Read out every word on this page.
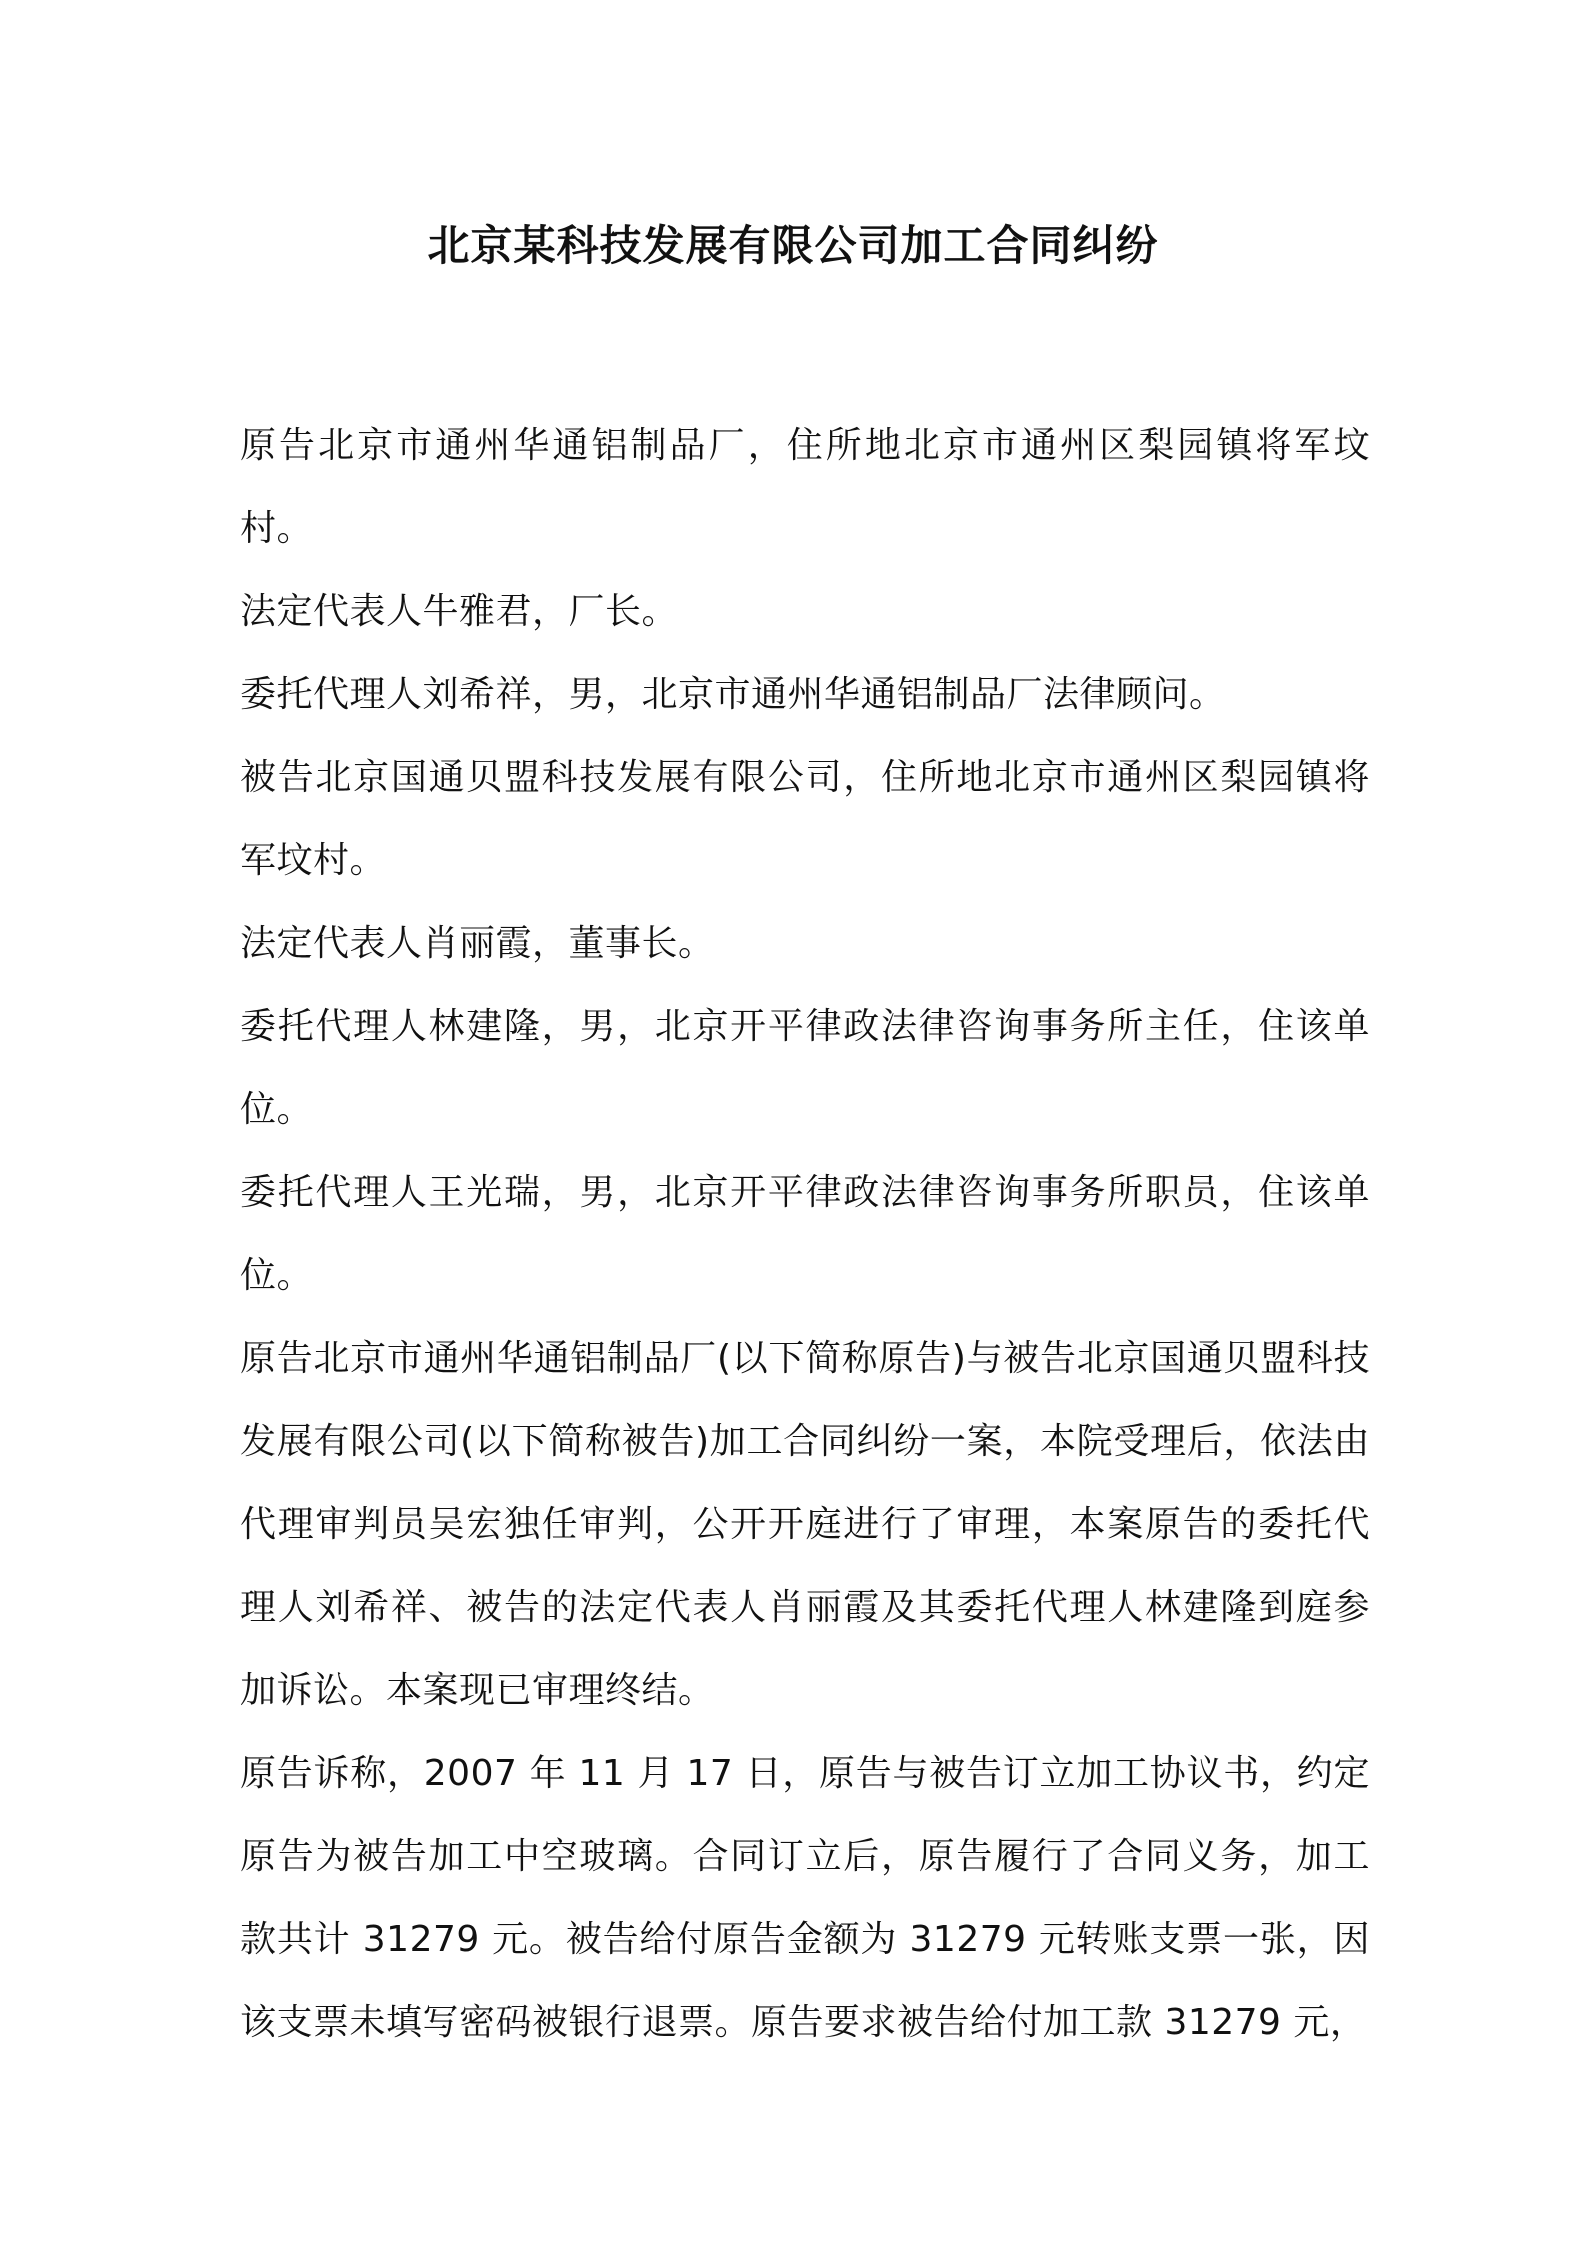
北京某科技发展有限公司加工合同纠纷

原告北京市通州华通铝制品厂，住所地北京市通州区梨园镇将军坟村。

法定代表人牛雅君，厂长。

委托代理人刘希祥，男，北京市通州华通铝制品厂法律顾问。

被告北京国通贝盟科技发展有限公司，住所地北京市通州区梨园镇将军坟村。

法定代表人肖丽霞，董事长。

委托代理人林建隆，男，北京开平律政法律咨询事务所主任，住该单位。

委托代理人王光瑞，男，北京开平律政法律咨询事务所职员，住该单位。

原告北京市通州华通铝制品厂(以下简称原告)与被告北京国通贝盟科技发展有限公司(以下简称被告)加工合同纠纷一案，本院受理后，依法由代理审判员吴宏独任审判，公开开庭进行了审理，本案原告的委托代理人刘希祥、被告的法定代表人肖丽霞及其委托代理人林建隆到庭参加诉讼。本案现已审理终结。

原告诉称，2007 年 11 月 17 日，原告与被告订立加工协议书，约定原告为被告加工中空玻璃。合同订立后，原告履行了合同义务，加工款共计 31279 元。被告给付原告金额为 31279 元转账支票一张，因该支票未填写密码被银行退票。原告要求被告给付加工款 31279 元，
